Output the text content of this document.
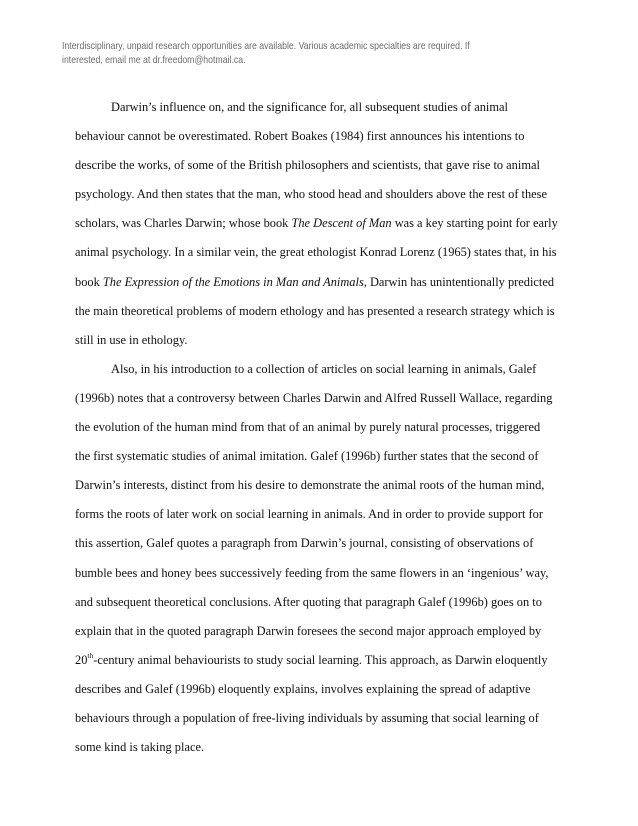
Interdisciplinary, unpaid research opportunities are available. Various academic specialties are required. If interested, email me at dr.freedom@hotmail.ca.
Darwin’s influence on, and the significance for, all subsequent studies of animal
behaviour cannot be overestimated. Robert Boakes (1984) first announces his intentions to
describe the works, of some of the British philosophers and scientists, that gave rise to animal
psychology. And then states that the man, who stood head and shoulders above the rest of these
scholars, was Charles Darwin; whose book The Descent of Man was a key starting point for early
animal psychology. In a similar vein, the great ethologist Konrad Lorenz (1965) states that, in his
book The Expression of the Emotions in Man and Animals, Darwin has unintentionally predicted
the main theoretical problems of modern ethology and has presented a research strategy which is
still in use in ethology.
Also, in his introduction to a collection of articles on social learning in animals, Galef
(1996b) notes that a controversy between Charles Darwin and Alfred Russell Wallace, regarding
the evolution of the human mind from that of an animal by purely natural processes, triggered
the first systematic studies of animal imitation. Galef (1996b) further states that the second of
Darwin’s interests, distinct from his desire to demonstrate the animal roots of the human mind,
forms the roots of later work on social learning in animals. And in order to provide support for
this assertion, Galef quotes a paragraph from Darwin’s journal, consisting of observations of
bumble bees and honey bees successively feeding from the same flowers in an ‘ingenious’ way,
and subsequent theoretical conclusions. After quoting that paragraph Galef (1996b) goes on to
explain that in the quoted paragraph Darwin foresees the second major approach employed by
20th-century animal behaviourists to study social learning. This approach, as Darwin eloquently
describes and Galef (1996b) eloquently explains, involves explaining the spread of adaptive
behaviours through a population of free-living individuals by assuming that social learning of
some kind is taking place.
